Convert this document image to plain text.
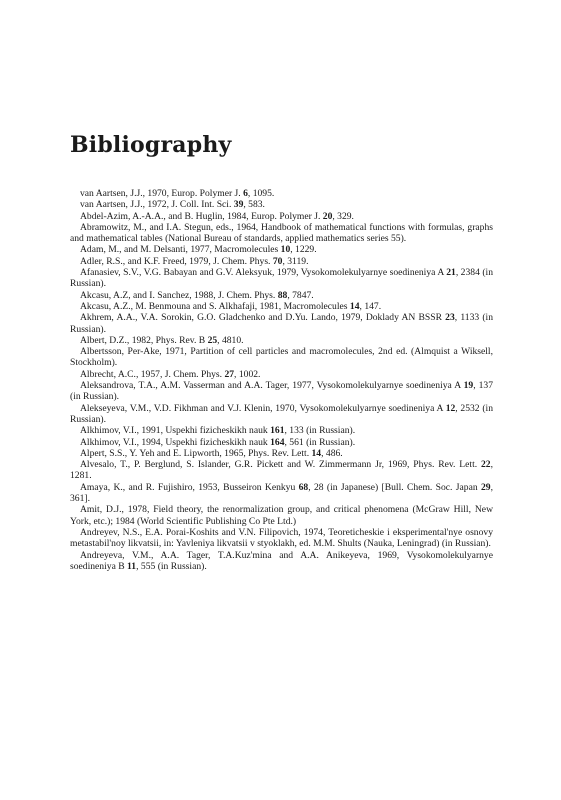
Bibliography

van Aartsen, J.J., 1970, Europ. Polymer J. 6, 1095.

van Aartsen, J.J., 1972, J. Coll. Int. Sci. 39, 583.

Abdel-Azim, A.-A.A., and B. Huglin, 1984, Europ. Polymer J. 20, 329.

Abramowitz, M., and I.A. Stegun, eds., 1964, Handbook of mathematical functions with formulas, graphs and mathematical tables (National Bureau of standards, applied mathematics series 55).

Adam, M., and M. Delsanti, 1977, Macromolecules 10, 1229.

Adler, R.S., and K.F. Freed, 1979, J. Chem. Phys. 70, 3119.

Afanasiev, S.V., V.G. Babayan and G.V. Aleksyuk, 1979, Vysokomolekulyarnye soedineniya A 21, 2384 (in Russian).

Akcasu, A.Z, and I. Sanchez, 1988, J. Chem. Phys. 88, 7847.

Akcasu, A.Z., M. Benmouna and S. Alkhafaji, 1981, Macromolecules 14, 147.

Akhrem, A.A., V.A. Sorokin, G.O. Gladchenko and D.Yu. Lando, 1979, Doklady AN BSSR 23, 1133 (in Russian).

Albert, D.Z., 1982, Phys. Rev. B 25, 4810.

Albertsson, Per-Ake, 1971, Partition of cell particles and macromolecules, 2nd ed. (Almquist a Wiksell, Stockholm).

Albrecht, A.C., 1957, J. Chem. Phys. 27, 1002.

Aleksandrova, T.A., A.M. Vasserman and A.A. Tager, 1977, Vysokomolekulyarnye soedineniya A 19, 137 (in Russian).

Alekseyeva, V.M., V.D. Fikhman and V.J. Klenin, 1970, Vysokomolekulyarnye soedineniya A 12, 2532 (in Russian).

Alkhimov, V.I., 1991, Uspekhi fizicheskikh nauk 161, 133 (in Russian).

Alkhimov, V.I., 1994, Uspekhi fizicheskikh nauk 164, 561 (in Russian).

Alpert, S.S., Y. Yeh and E. Lipworth, 1965, Phys. Rev. Lett. 14, 486.

Alvesalo, T., P. Berglund, S. Islander, G.R. Pickett and W. Zimmermann Jr, 1969, Phys. Rev. Lett. 22, 1281.

Amaya, K., and R. Fujishiro, 1953, Busseiron Kenkyu 68, 28 (in Japanese) [Bull. Chem. Soc. Japan 29, 361].

Amit, D.J., 1978, Field theory, the renormalization group, and critical phenomena (McGraw Hill, New York, etc.); 1984 (World Scientific Publishing Co Pte Ltd.)

Andreyev, N.S., E.A. Porai-Koshits and V.N. Filipovich, 1974, Teoreticheskie i eksperimental'nye osnovy metastabil'noy likvatsii, in: Yavleniya likvatsii v styoklakh, ed. M.M. Shults (Nauka, Leningrad) (in Russian).

Andreyeva, V.M., A.A. Tager, T.A.Kuz'mina and A.A. Anikeyeva, 1969, Vysokomolekulyarnye soedineniya B 11, 555 (in Russian).
